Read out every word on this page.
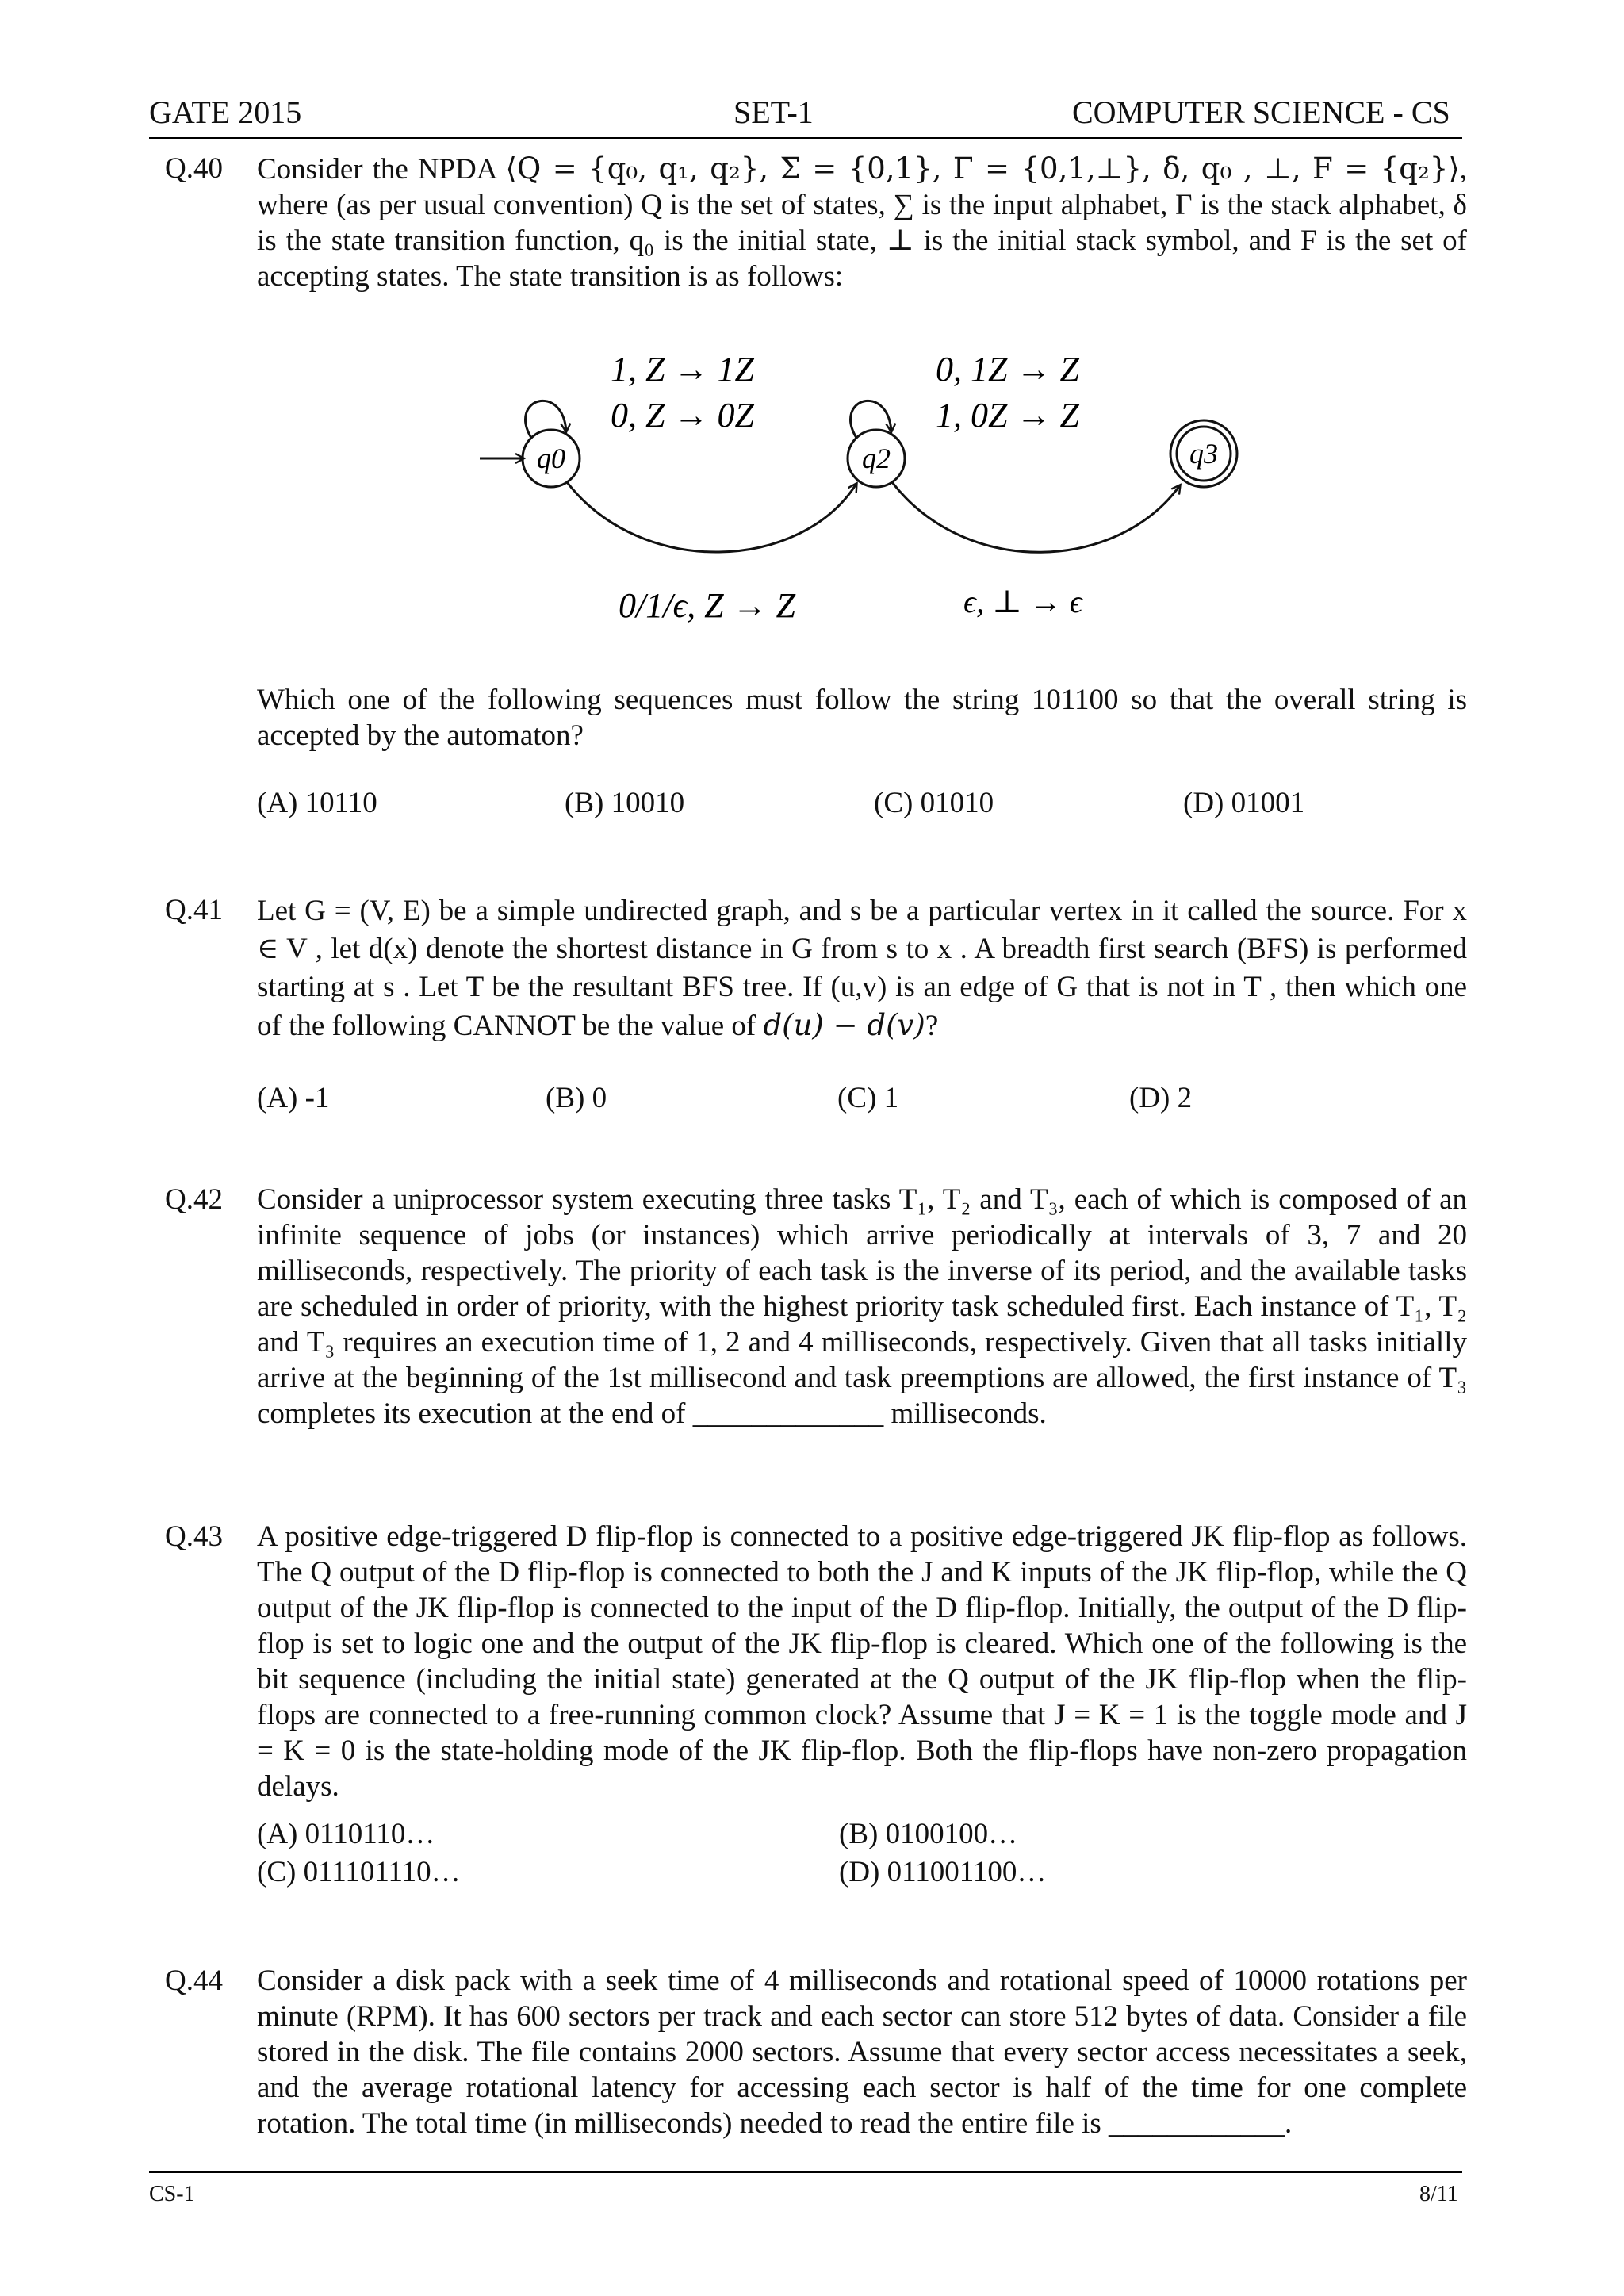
GATE 2015	SET-1	COMPUTER SCIENCE - CS
Q.40 Consider the NPDA ⟨Q = {q₀, q₁, q₂}, Σ = {0,1}, Γ = {0,1,⊥}, δ, q₀ , ⊥, F = {q₂}⟩, where (as per usual convention) Q is the set of states, ∑ is the input alphabet, Γ is the stack alphabet, δ is the state transition function, q₀ is the initial state, ⊥ is the initial stack symbol, and F is the set of accepting states. The state transition is as follows:
q0	q2	q3
1, Z → 1Z
0, Z → 0Z
0, 1Z → Z
1, 0Z → Z
0/1/ϵ, Z → Z	ϵ, ⊥ → ϵ
Which one of the following sequences must follow the string 101100 so that the overall string is accepted by the automaton?
(A) 10110	(B) 10010	(C) 01010	(D) 01001
Q.41 Let G = (V, E) be a simple undirected graph, and s be a particular vertex in it called the source. For x ∈ V , let d(x) denote the shortest distance in G from s to x . A breadth first search (BFS) is performed starting at s . Let T be the resultant BFS tree. If (u,v) is an edge of G that is not in T , then which one of the following CANNOT be the value of d(u) − d(v)?
(A) -1	(B) 0	(C) 1	(D) 2
Q.42 Consider a uniprocessor system executing three tasks T₁, T₂ and T₃, each of which is composed of an infinite sequence of jobs (or instances) which arrive periodically at intervals of 3, 7 and 20 milliseconds, respectively. The priority of each task is the inverse of its period, and the available tasks are scheduled in order of priority, with the highest priority task scheduled first. Each instance of T₁, T₂ and T₃ requires an execution time of 1, 2 and 4 milliseconds, respectively. Given that all tasks initially arrive at the beginning of the 1st millisecond and task preemptions are allowed, the first instance of T₃ completes its execution at the end of _____________ milliseconds.
Q.43 A positive edge-triggered D flip-flop is connected to a positive edge-triggered JK flip-flop as follows. The Q output of the D flip-flop is connected to both the J and K inputs of the JK flip-flop, while the Q output of the JK flip-flop is connected to the input of the D flip-flop. Initially, the output of the D flip-flop is set to logic one and the output of the JK flip-flop is cleared. Which one of the following is the bit sequence (including the initial state) generated at the Q output of the JK flip-flop when the flip-flops are connected to a free-running common clock? Assume that J = K = 1 is the toggle mode and J = K = 0 is the state-holding mode of the JK flip-flop. Both the flip-flops have non-zero propagation delays.
(A) 0110110…	(B) 0100100…
(C) 011101110…	(D) 011001100…
Q.44 Consider a disk pack with a seek time of 4 milliseconds and rotational speed of 10000 rotations per minute (RPM). It has 600 sectors per track and each sector can store 512 bytes of data. Consider a file stored in the disk. The file contains 2000 sectors. Assume that every sector access necessitates a seek, and the average rotational latency for accessing each sector is half of the time for one complete rotation. The total time (in milliseconds) needed to read the entire file is ____________.
CS-1	8/11
